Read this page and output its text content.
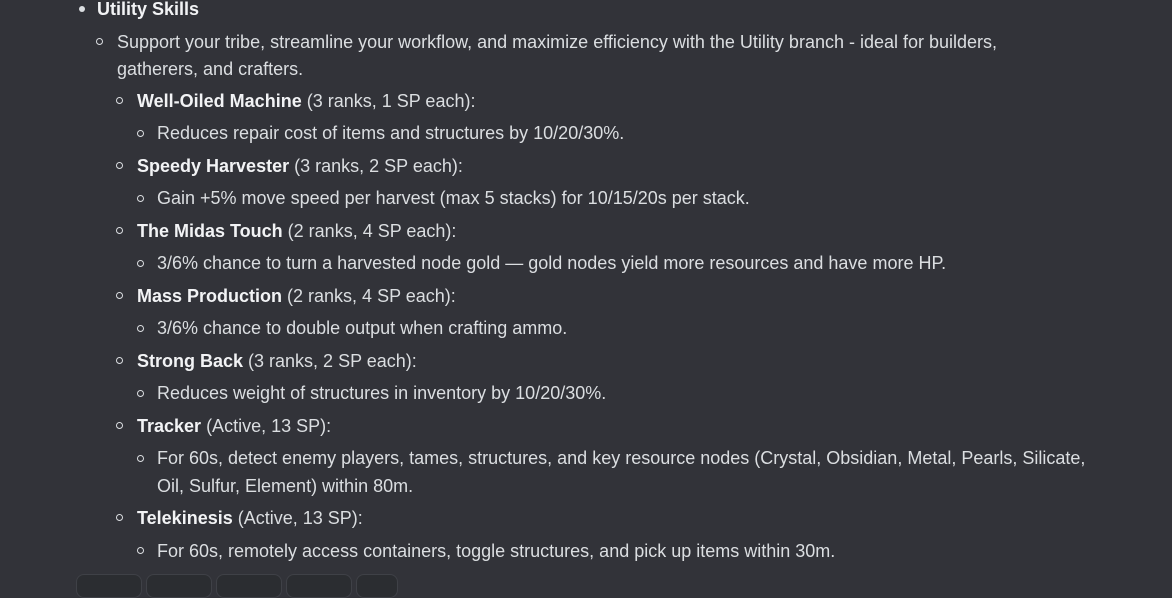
Utility Skills
Support your tribe, streamline your workflow, and maximize efficiency with the Utility branch - ideal for builders,
gatherers, and crafters.
Well-Oiled Machine (3 ranks, 1 SP each):
Reduces repair cost of items and structures by 10/20/30%.
Speedy Harvester (3 ranks, 2 SP each):
Gain +5% move speed per harvest (max 5 stacks) for 10/15/20s per stack.
The Midas Touch (2 ranks, 4 SP each):
3/6% chance to turn a harvested node gold — gold nodes yield more resources and have more HP.
Mass Production (2 ranks, 4 SP each):
3/6% chance to double output when crafting ammo.
Strong Back (3 ranks, 2 SP each):
Reduces weight of structures in inventory by 10/20/30%.
Tracker (Active, 13 SP):
For 60s, detect enemy players, tames, structures, and key resource nodes (Crystal, Obsidian, Metal, Pearls, Silicate,
Oil, Sulfur, Element) within 80m.
Telekinesis (Active, 13 SP):
For 60s, remotely access containers, toggle structures, and pick up items within 30m.
